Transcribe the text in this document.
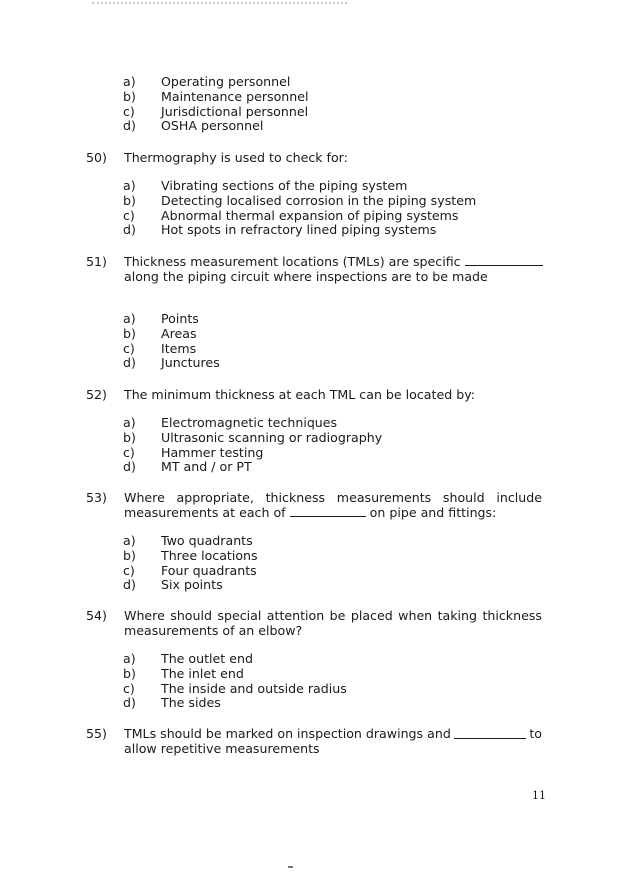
a) Operating personnel
b) Maintenance personnel
c) Jurisdictional personnel
d) OSHA personnel
50) Thermography is used to check for:
a) Vibrating sections of the piping system
b) Detecting localised corrosion in the piping system
c) Abnormal thermal expansion of piping systems
d) Hot spots in refractory lined piping systems
51) Thickness measurement locations (TMLs) are specific
along the piping circuit where inspections are to be made
a) Points
b) Areas
c) Items
d) Junctures
52) The minimum thickness at each TML can be located by:
a) Electromagnetic techniques
b) Ultrasonic scanning or radiography
c) Hammer testing
d) MT and / or PT
53) Where appropriate, thickness measurements should include
measurements at each of	on pipe and fittings:
a) Two quadrants
b) Three locations
c) Four quadrants
d) Six points
54) Where should special attention be placed when taking thickness
measurements of an elbow?
a) The outlet end
b) The inlet end
c) The inside and outside radius
d) The sides
55) TMLs should be marked on inspection drawings and	to
allow repetitive measurements
11
